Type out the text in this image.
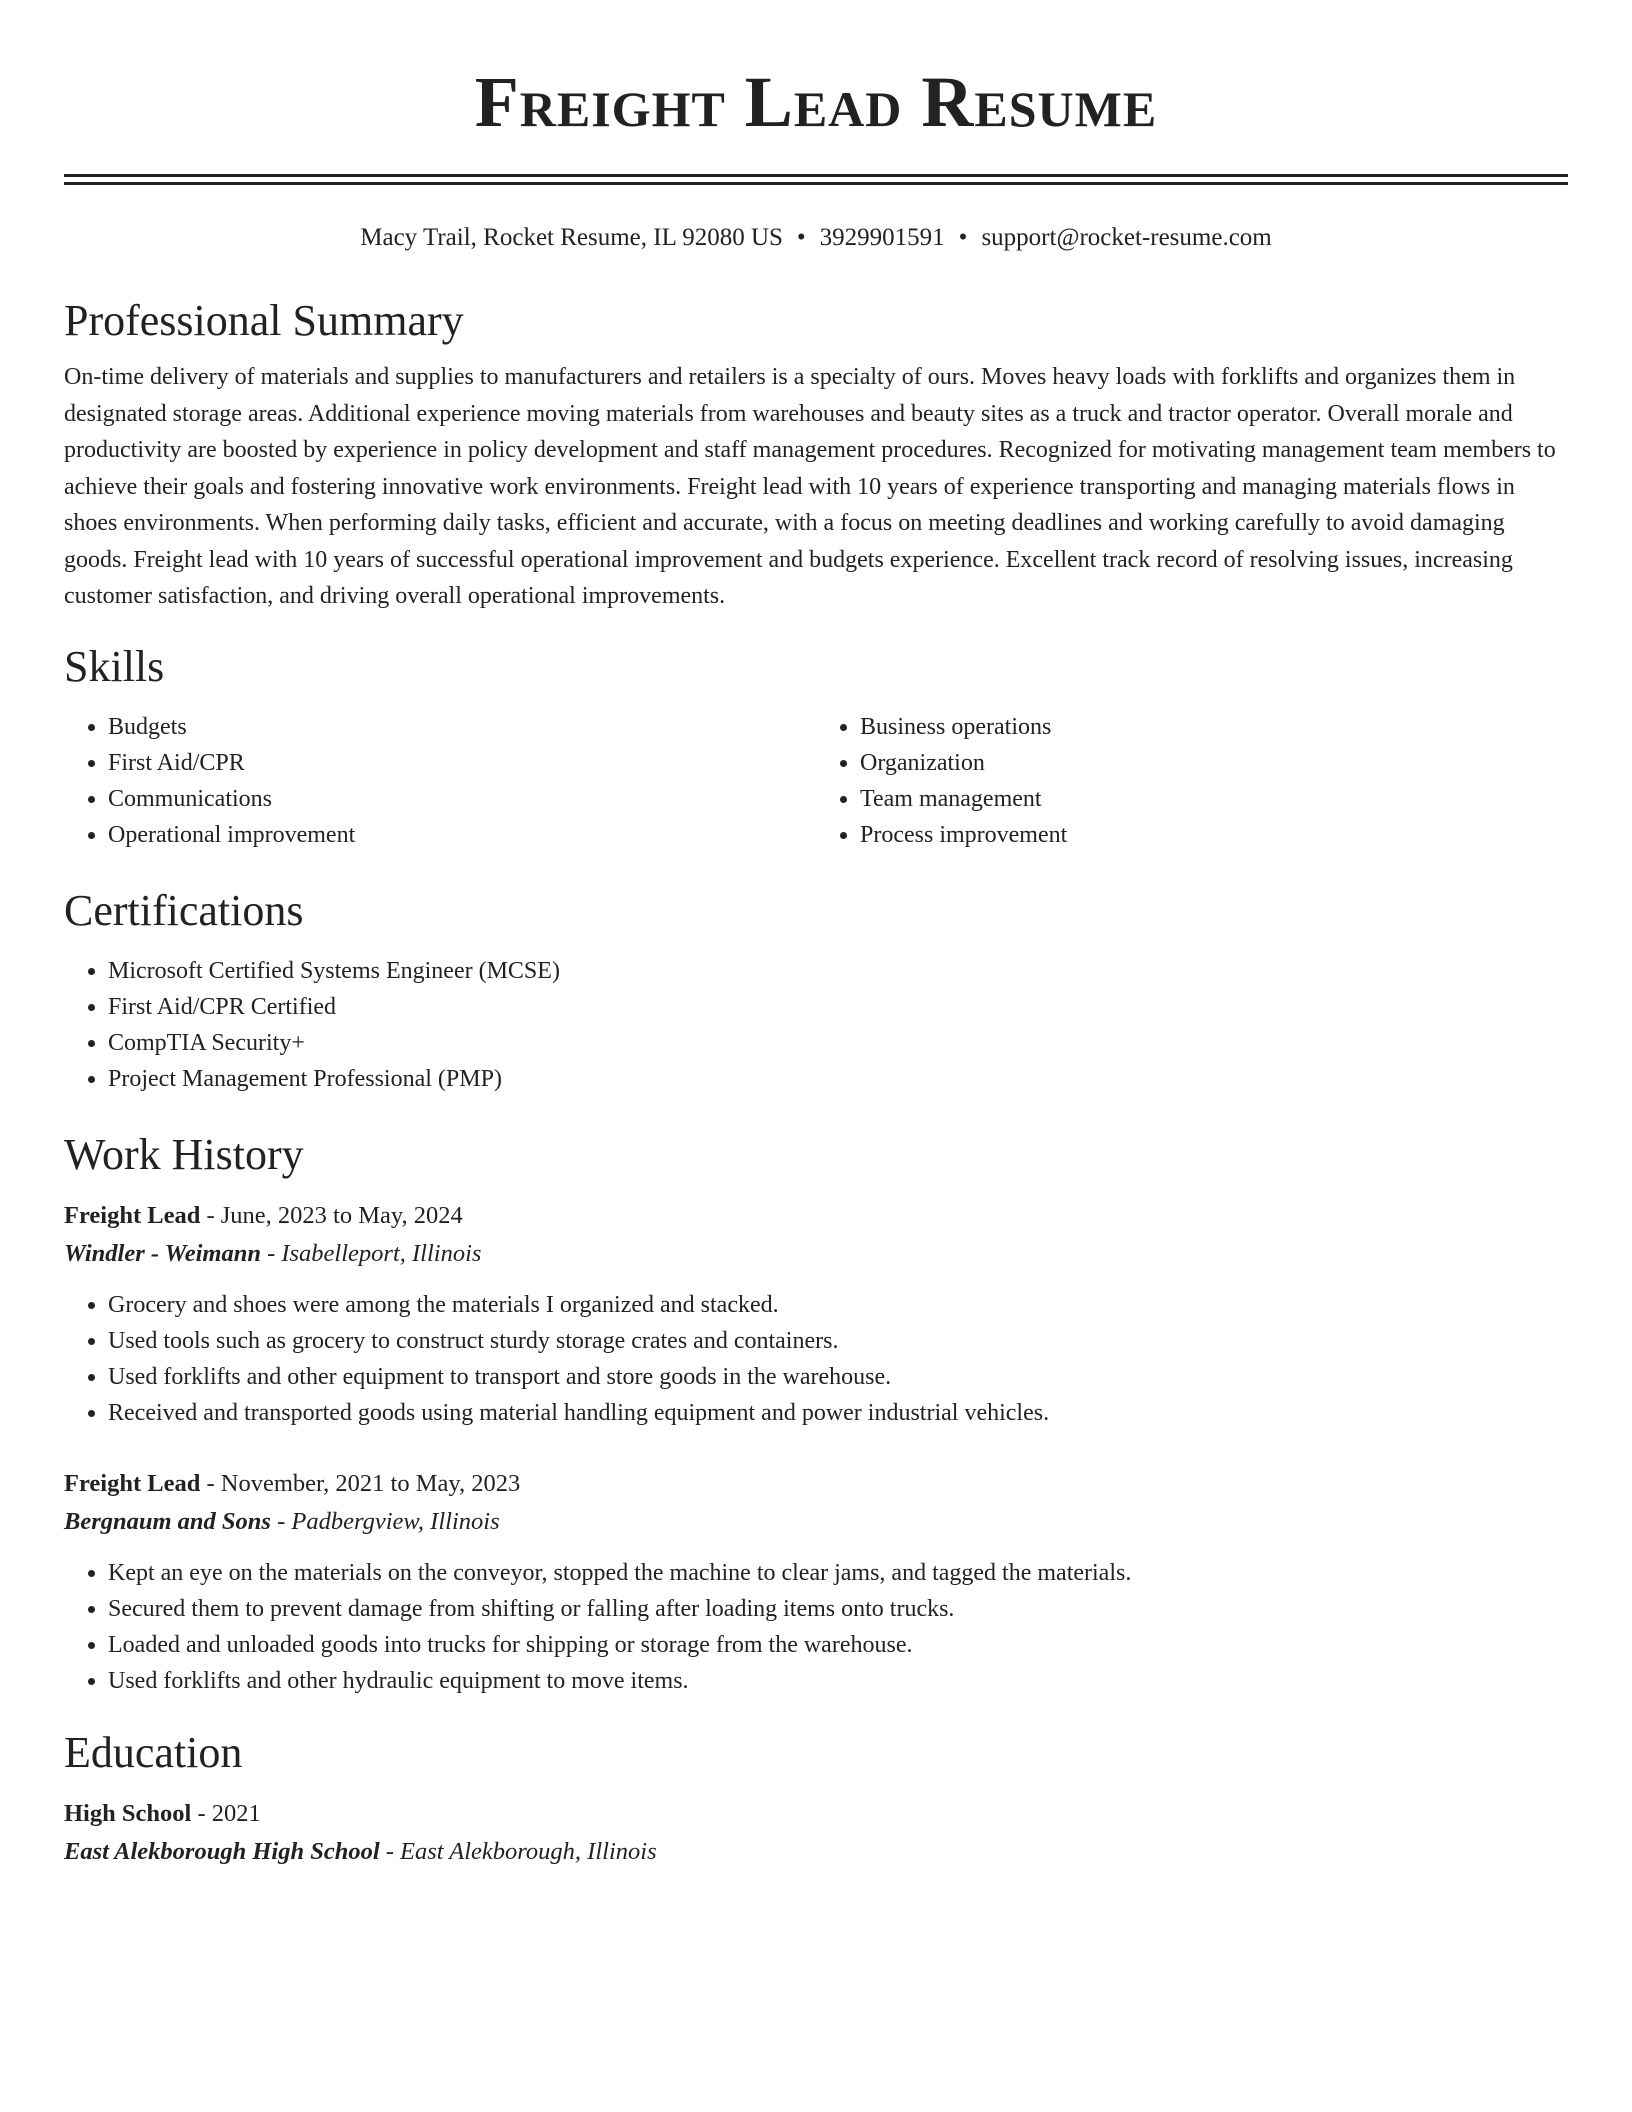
Freight Lead Resume
Macy Trail, Rocket Resume, IL 92080 US • 3929901591 • support@rocket-resume.com
Professional Summary

On-time delivery of materials and supplies to manufacturers and retailers is a specialty of ours. Moves heavy loads with forklifts and organizes them in designated storage areas. Additional experience moving materials from warehouses and beauty sites as a truck and tractor operator. Overall morale and productivity are boosted by experience in policy development and staff management procedures. Recognized for motivating management team members to achieve their goals and fostering innovative work environments. Freight lead with 10 years of experience transporting and managing materials flows in shoes environments. When performing daily tasks, efficient and accurate, with a focus on meeting deadlines and working carefully to avoid damaging goods. Freight lead with 10 years of successful operational improvement and budgets experience. Excellent track record of resolving issues, increasing customer satisfaction, and driving overall operational improvements.

Skills
• Budgets
• First Aid/CPR
• Communications
• Operational improvement
• Business operations
• Organization
• Team management
• Process improvement
Certifications
• Microsoft Certified Systems Engineer (MCSE)
• First Aid/CPR Certified
• CompTIA Security+
• Project Management Professional (PMP)
Work History
Freight Lead - June, 2023 to May, 2024
Windler - Weimann - Isabelleport, Illinois
• Grocery and shoes were among the materials I organized and stacked.
• Used tools such as grocery to construct sturdy storage crates and containers.
• Used forklifts and other equipment to transport and store goods in the warehouse.
• Received and transported goods using material handling equipment and power industrial vehicles.
Freight Lead - November, 2021 to May, 2023
Bergnaum and Sons - Padbergview, Illinois
• Kept an eye on the materials on the conveyor, stopped the machine to clear jams, and tagged the materials.
• Secured them to prevent damage from shifting or falling after loading items onto trucks.
• Loaded and unloaded goods into trucks for shipping or storage from the warehouse.
• Used forklifts and other hydraulic equipment to move items.
Education
High School - 2021
East Alekborough High School - East Alekborough, Illinois
